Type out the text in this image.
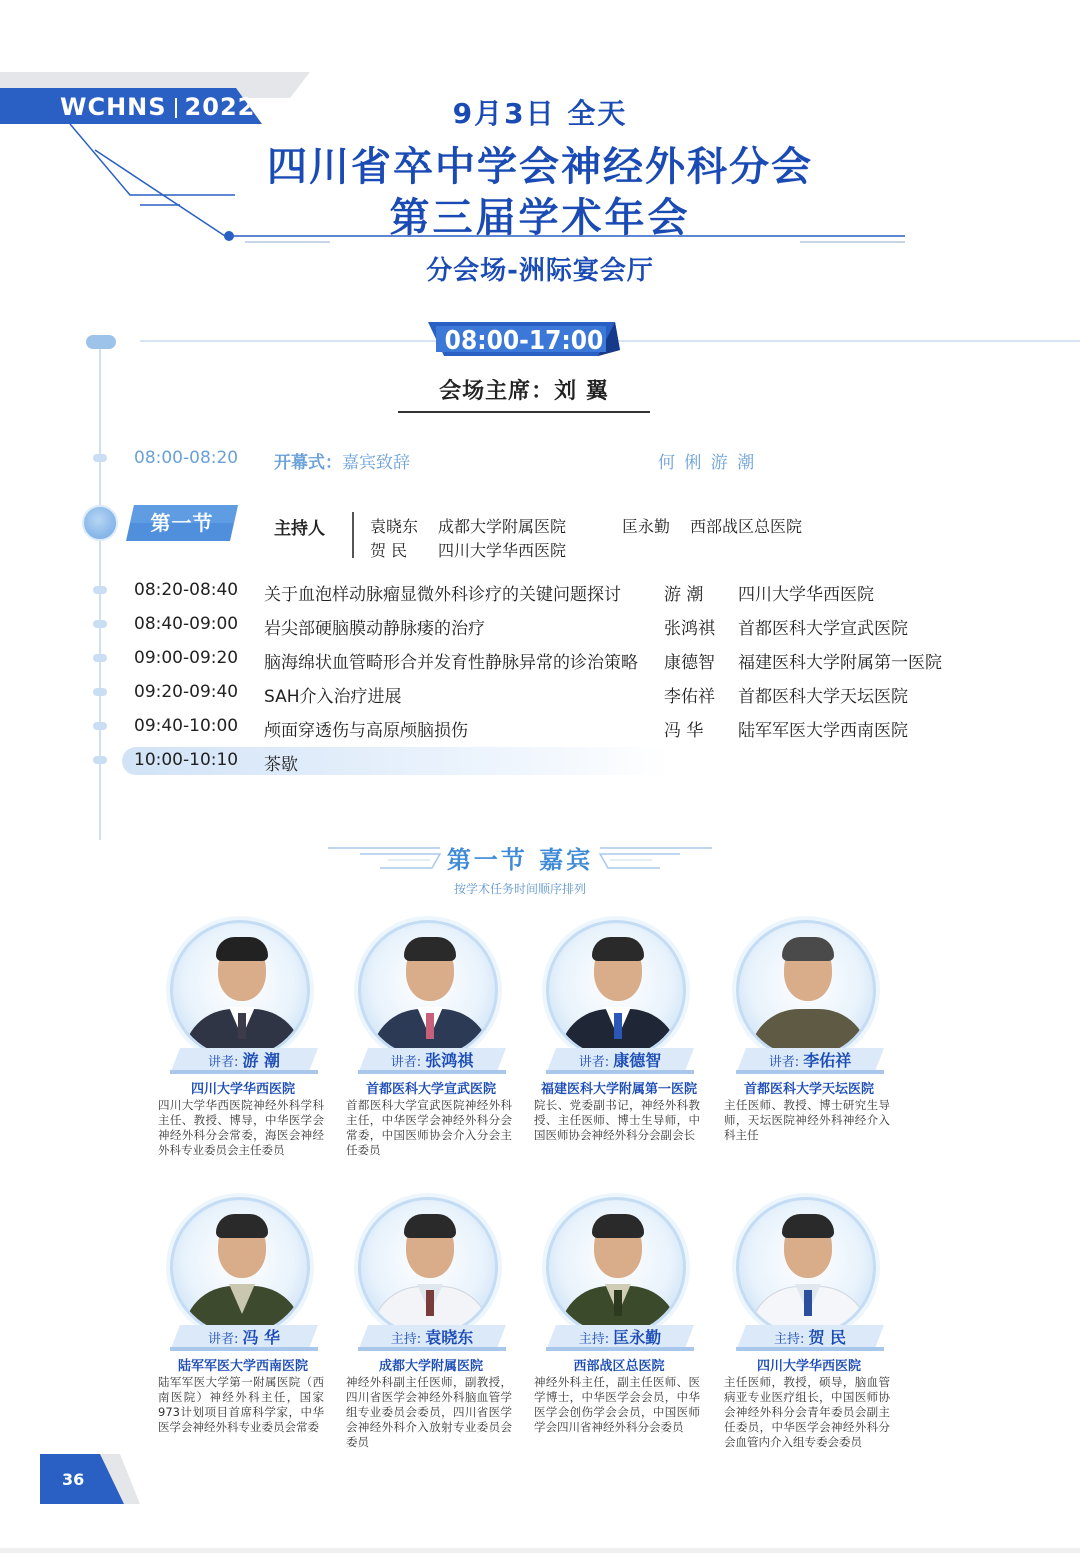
WCHNS 2022	9月3日 全天
四川省卒中学会神经外科分会
第三届学术年会
分会场-洲际宴会厅
08:00-17:00
会场主席：刘 翼
08:00-08:20 开幕式：嘉宾致辞	何 俐 游 潮
第一节	主持人	袁晓东 成都大学附属医院	匡永勤 西部战区总医院
贺 民 四川大学华西医院
08:20-08:40 关于血泡样动脉瘤显微外科诊疗的关键问题探讨	游 潮 四川大学华西医院
08:40-09:00 岩尖部硬脑膜动静脉瘘的治疗	张鸿祺 首都医科大学宣武医院
09:00-09:20 脑海绵状血管畸形合并发育性静脉异常的诊治策略 康德智 福建医科大学附属第一医院
09:20-09:40 SAH介入治疗进展	李佑祥 首都医科大学天坛医院
09:40-10:00 颅面穿透伤与高原颅脑损伤	冯 华 陆军军医大学西南医院
10:00-10:10 茶歇
第一节 嘉宾
按学术任务时间顺序排列
讲者: 游 潮
四川大学华西医院
四川大学华西医院神经外科学科主任、教授、博导，中华医学会神经外科分会常委，海医会神经外科专业委员会主任委员
讲者: 张鸿祺
首都医科大学宣武医院
首都医科大学宣武医院神经外科主任，中华医学会神经外科分会常委，中国医师协会介入分会主任委员
讲者: 康德智
福建医科大学附属第一医院
院长、党委副书记，神经外科教授、主任医师、博士生导师，中国医师协会神经外科分会副会长
讲者: 李佑祥
首都医科大学天坛医院
主任医师、教授、博士研究生导师，天坛医院神经外科神经介入科主任
讲者: 冯 华
陆军军医大学西南医院
陆军军医大学第一附属医院（西南医院）神经外科主任，国家973计划项目首席科学家，中华医学会神经外科专业委员会常委
主持: 袁晓东
成都大学附属医院
神经外科副主任医师，副教授，四川省医学会神经外科脑血管学组专业委员会委员，四川省医学会神经外科介入放射专业委员会委员
主持: 匡永勤
西部战区总医院
神经外科主任，副主任医师、医学博士，中华医学会会员，中华医学会创伤学会会员，中国医师学会四川省神经外科分会委员
主持: 贺 民
四川大学华西医院
主任医师，教授，硕导，脑血管病亚专业医疗组长，中国医师协会神经外科分会青年委员会副主任委员，中华医学会神经外科分会血管内介入组专委会委员
36
